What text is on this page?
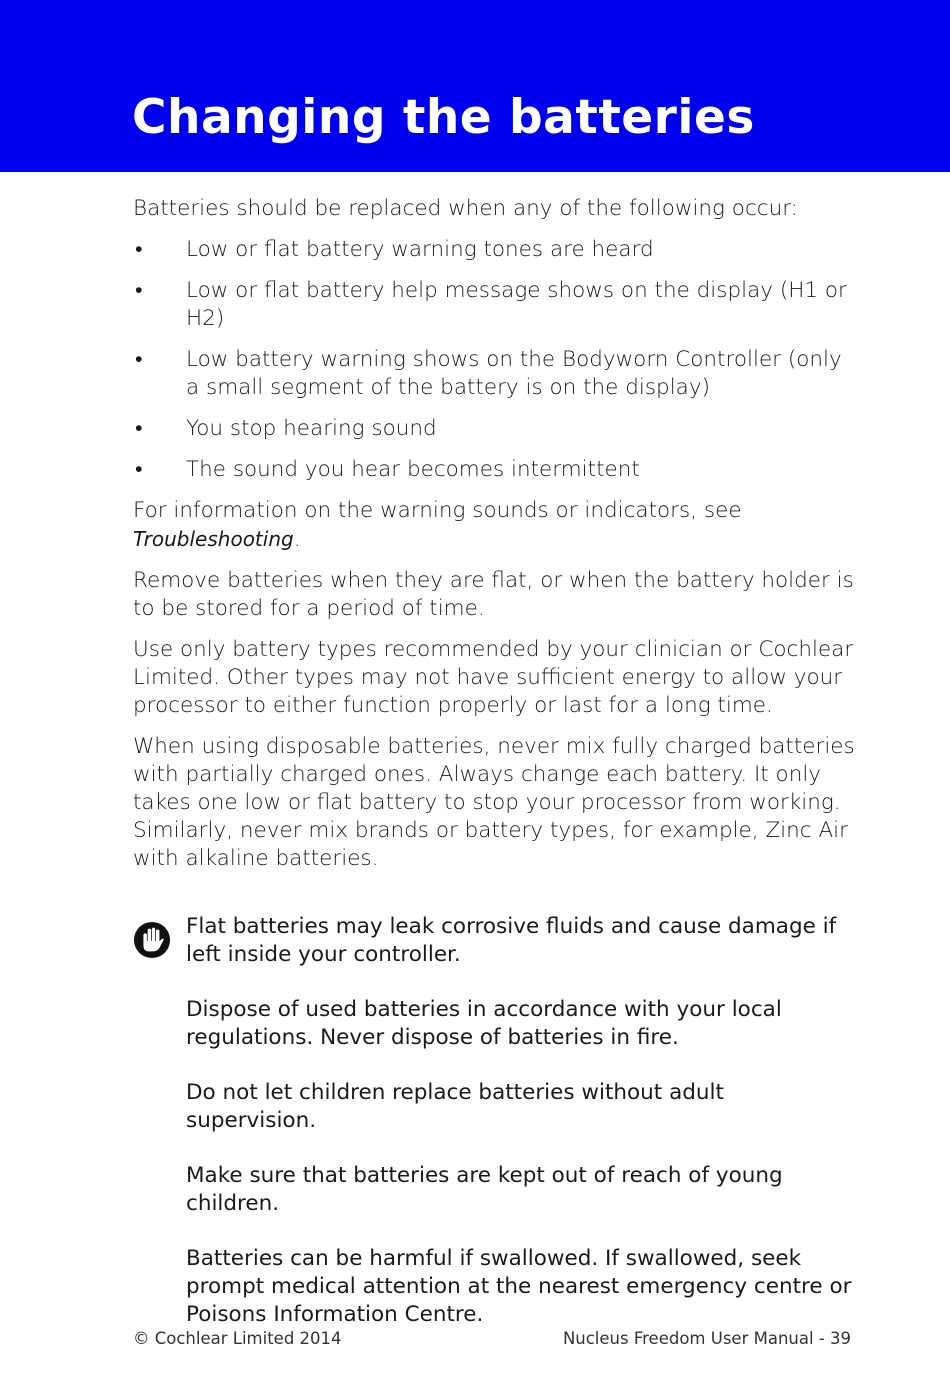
Changing the batteries

Batteries should be replaced when any of the following occur:

• Low or flat battery warning tones are heard
• Low or flat battery help message shows on the display (H1 or H2)
• Low battery warning shows on the Bodyworn Controller (only a small segment of the battery is on the display)
• You stop hearing sound
• The sound you hear becomes intermittent

For information on the warning sounds or indicators, see Troubleshooting.

Remove batteries when they are flat, or when the battery holder is to be stored for a period of time.

Use only battery types recommended by your clinician or Cochlear Limited. Other types may not have sufficient energy to allow your processor to either function properly or last for a long time.

When using disposable batteries, never mix fully charged batteries with partially charged ones. Always change each battery. It only takes one low or flat battery to stop your processor from working. Similarly, never mix brands or battery types, for example, Zinc Air with alkaline batteries.

Flat batteries may leak corrosive fluids and cause damage if left inside your controller.

Dispose of used batteries in accordance with your local regulations. Never dispose of batteries in fire.

Do not let children replace batteries without adult supervision.

Make sure that batteries are kept out of reach of young children.

Batteries can be harmful if swallowed. If swallowed, seek prompt medical attention at the nearest emergency centre or Poisons Information Centre.

© Cochlear Limited 2014	Nucleus Freedom User Manual - 39
